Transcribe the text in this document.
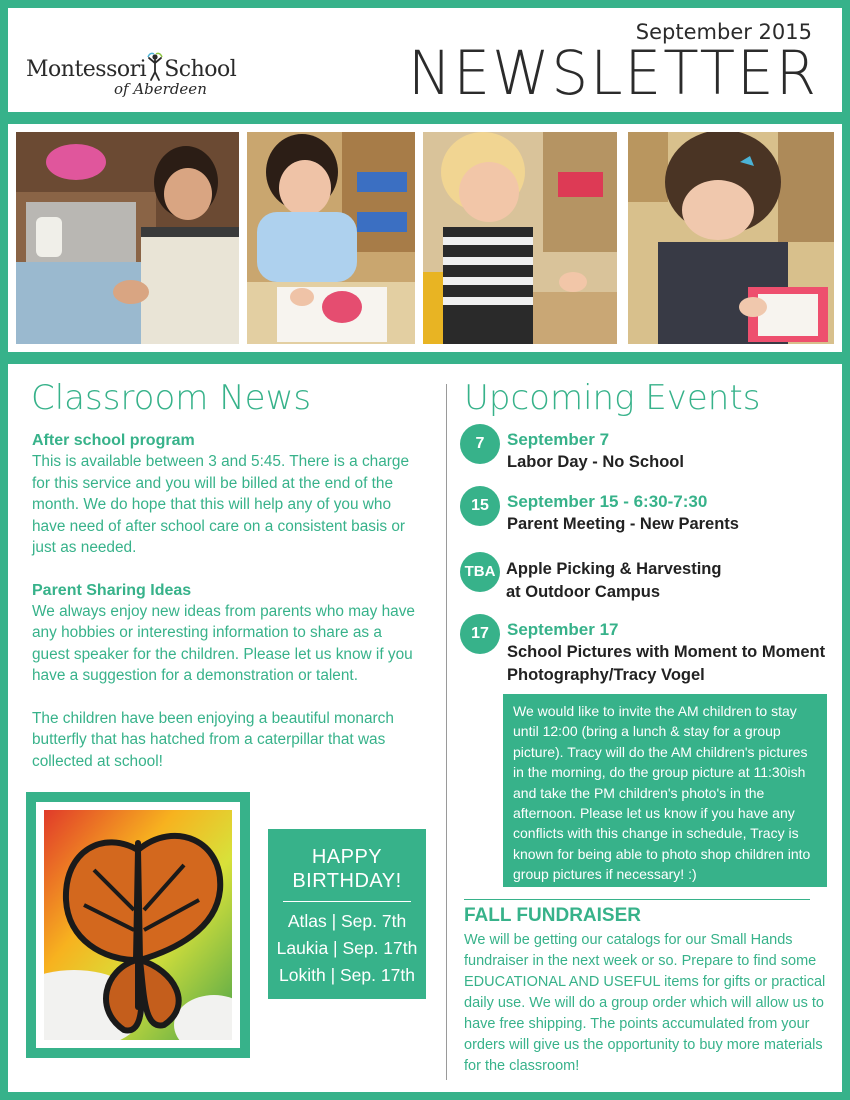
Montessori School
of Aberdeen
September 2015
NEWSLETTER
Classroom News
After school program
This is available between 3 and 5:45. There is a charge for this service and you will be billed at the end of the month. We do hope that this will help any of you who have need of after school care on a consistent basis or just as needed.
Parent Sharing Ideas
We always enjoy new ideas from parents who may have any hobbies or interesting information to share as a guest speaker for the children. Please let us know if you have a suggestion for a demonstration or talent.
The children have been enjoying a beautiful monarch butterfly that has hatched from a caterpillar that was collected at school!
HAPPY
BIRTHDAY!
Atlas | Sep. 7th
Laukia | Sep. 17th
Lokith | Sep. 17th
Upcoming Events
7	September 7
Labor Day - No School
15	September 15 - 6:30-7:30
Parent Meeting - New Parents
TBA Apple Picking & Harvesting at Outdoor Campus
17	September 17
School Pictures with Moment to Moment Photography/Tracy Vogel
We would like to invite the AM children to stay until 12:00 (bring a lunch & stay for a group picture). Tracy will do the AM children's pictures in the morning, do the group picture at 11:30ish and take the PM children's photo's in the afternoon. Please let us know if you have any conflicts with this change in schedule, Tracy is known for being able to photo shop children into group pictures if necessary! :)
FALL FUNDRAISER
We will be getting our catalogs for our Small Hands fundraiser in the next week or so. Prepare to find some EDUCATIONAL AND USEFUL items for gifts or practical daily use. We will do a group order which will allow us to have free shipping. The points accumulated from your orders will give us the opportunity to buy more materials for the classroom!
